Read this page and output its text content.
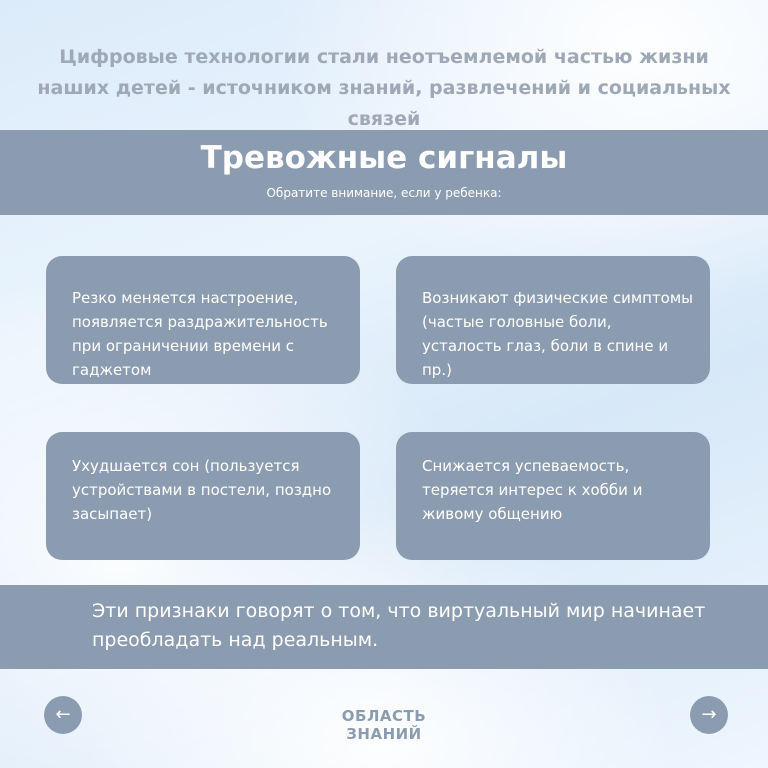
Цифровые технологии стали неотъемлемой частью жизни наших детей - источником знаний, развлечений и социальных связей

Тревожные сигналы

Обратите внимание, если у ребенка:

Резко меняется настроение, появляется раздражительность при ограничении времени с гаджетом

Возникают физические симптомы (частые головные боли, усталость глаз, боли в спине и пр.)

Ухудшается сон (пользуется устройствами в постели, поздно засыпает)

Снижается успеваемость, теряется интерес к хобби и живому общению

Эти признаки говорят о том, что виртуальный мир начинает преобладать над реальным.

←	ОБЛАСТЬ
ЗНАНИЙ
→
